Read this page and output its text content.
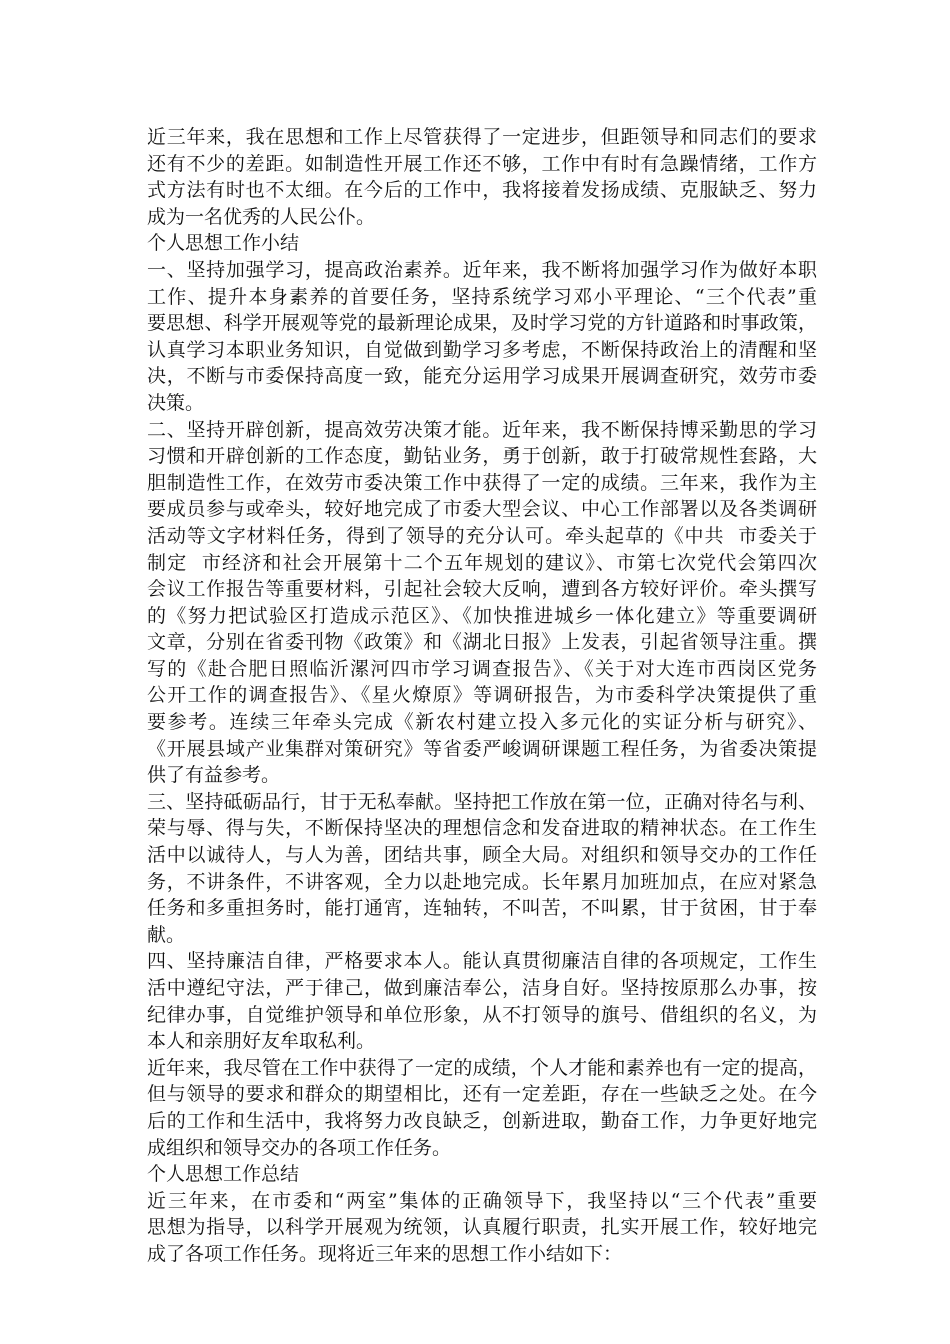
近三年来，我在思想和工作上尽管获得了一定进步，但距领导和同志们的要求
还有不少的差距。如制造性开展工作还不够，工作中有时有急躁情绪，工作方
式方法有时也不太细。在今后的工作中，我将接着发扬成绩、克服缺乏、努力
成为一名优秀的人民公仆。
个人思想工作小结
一、坚持加强学习，提高政治素养。近年来，我不断将加强学习作为做好本职
工作、提升本身素养的首要任务，坚持系统学习邓小平理论、“三个代表”重
要思想、科学开展观等党的最新理论成果，及时学习党的方针道路和时事政策，
认真学习本职业务知识，自觉做到勤学习多考虑，不断保持政治上的清醒和坚
决，不断与市委保持高度一致，能充分运用学习成果开展调查研究，效劳市委
决策。
二、坚持开辟创新，提高效劳决策才能。近年来，我不断保持博采勤思的学习
习惯和开辟创新的工作态度，勤钻业务，勇于创新，敢于打破常规性套路，大
胆制造性工作，在效劳市委决策工作中获得了一定的成绩。三年来，我作为主
要成员参与或牵头，较好地完成了市委大型会议、中心工作部署以及各类调研
活动等文字材料任务，得到了领导的充分认可。牵头起草的《中共  市委关于
制定  市经济和社会开展第十二个五年规划的建议》、市第七次党代会第四次
会议工作报告等重要材料，引起社会较大反响，遭到各方较好评价。牵头撰写
的《努力把试验区打造成示范区》、《加快推进城乡一体化建立》等重要调研
文章，分别在省委刊物《政策》和《湖北日报》上发表，引起省领导注重。撰
写的《赴合肥日照临沂漯河四市学习调查报告》、《关于对大连市西岗区党务
公开工作的调查报告》、《星火燎原》等调研报告，为市委科学决策提供了重
要参考。连续三年牵头完成《新农村建立投入多元化的实证分析与研究》、
《开展县域产业集群对策研究》等省委严峻调研课题工程任务，为省委决策提
供了有益参考。
三、坚持砥砺品行，甘于无私奉献。坚持把工作放在第一位，正确对待名与利、
荣与辱、得与失，不断保持坚决的理想信念和发奋进取的精神状态。在工作生
活中以诚待人，与人为善，团结共事，顾全大局。对组织和领导交办的工作任
务，不讲条件，不讲客观，全力以赴地完成。长年累月加班加点，在应对紧急
任务和多重担务时，能打通宵，连轴转，不叫苦，不叫累，甘于贫困，甘于奉
献。
四、坚持廉洁自律，严格要求本人。能认真贯彻廉洁自律的各项规定，工作生
活中遵纪守法，严于律己，做到廉洁奉公，洁身自好。坚持按原那么办事，按
纪律办事，自觉维护领导和单位形象，从不打领导的旗号、借组织的名义，为
本人和亲朋好友牟取私利。
近年来，我尽管在工作中获得了一定的成绩，个人才能和素养也有一定的提高，
但与领导的要求和群众的期望相比，还有一定差距，存在一些缺乏之处。在今
后的工作和生活中，我将努力改良缺乏，创新进取，勤奋工作，力争更好地完
成组织和领导交办的各项工作任务。
个人思想工作总结
近三年来，在市委和“两室”集体的正确领导下，我坚持以“三个代表”重要
思想为指导，以科学开展观为统领，认真履行职责，扎实开展工作，较好地完
成了各项工作任务。现将近三年来的思想工作小结如下：
